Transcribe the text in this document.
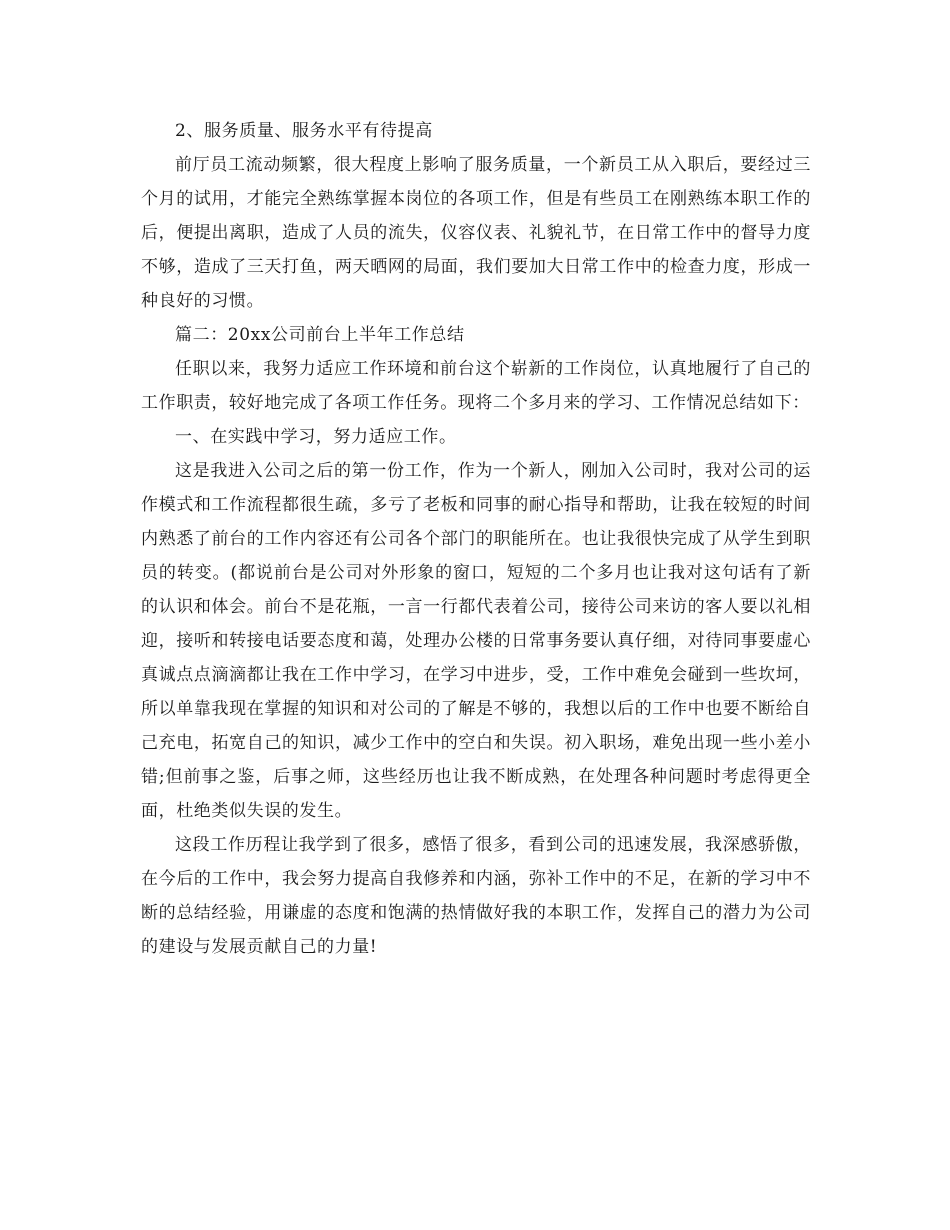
2、服务质量、服务水平有待提高

前厅员工流动频繁，很大程度上影响了服务质量，一个新员工从入职后，要经过三个月的试用，才能完全熟练掌握本岗位的各项工作，但是有些员工在刚熟练本职工作的后，便提出离职，造成了人员的流失，仪容仪表、礼貌礼节，在日常工作中的督导力度不够，造成了三天打鱼，两天晒网的局面，我们要加大日常工作中的检查力度，形成一种良好的习惯。

篇二：20xx公司前台上半年工作总结

任职以来，我努力适应工作环境和前台这个崭新的工作岗位，认真地履行了自己的工作职责，较好地完成了各项工作任务。现将二个多月来的学习、工作情况总结如下：

一、在实践中学习，努力适应工作。

这是我进入公司之后的第一份工作，作为一个新人，刚加入公司时，我对公司的运作模式和工作流程都很生疏，多亏了老板和同事的耐心指导和帮助，让我在较短的时间内熟悉了前台的工作内容还有公司各个部门的职能所在。也让我很快完成了从学生到职员的转变。(都说前台是公司对外形象的窗口，短短的二个多月也让我对这句话有了新的认识和体会。前台不是花瓶，一言一行都代表着公司，接待公司来访的客人要以礼相迎，接听和转接电话要态度和蔼，处理办公楼的日常事务要认真仔细，对待同事要虚心真诚点点滴滴都让我在工作中学习，在学习中进步，受，工作中难免会碰到一些坎坷，所以单靠我现在掌握的知识和对公司的了解是不够的，我想以后的工作中也要不断给自己充电，拓宽自己的知识，减少工作中的空白和失误。初入职场，难免出现一些小差小错;但前事之鉴，后事之师，这些经历也让我不断成熟，在处理各种问题时考虑得更全面，杜绝类似失误的发生。

这段工作历程让我学到了很多，感悟了很多，看到公司的迅速发展，我深感骄傲，在今后的工作中，我会努力提高自我修养和内涵，弥补工作中的不足，在新的学习中不断的总结经验，用谦虚的态度和饱满的热情做好我的本职工作，发挥自己的潜力为公司的建设与发展贡献自己的力量!
